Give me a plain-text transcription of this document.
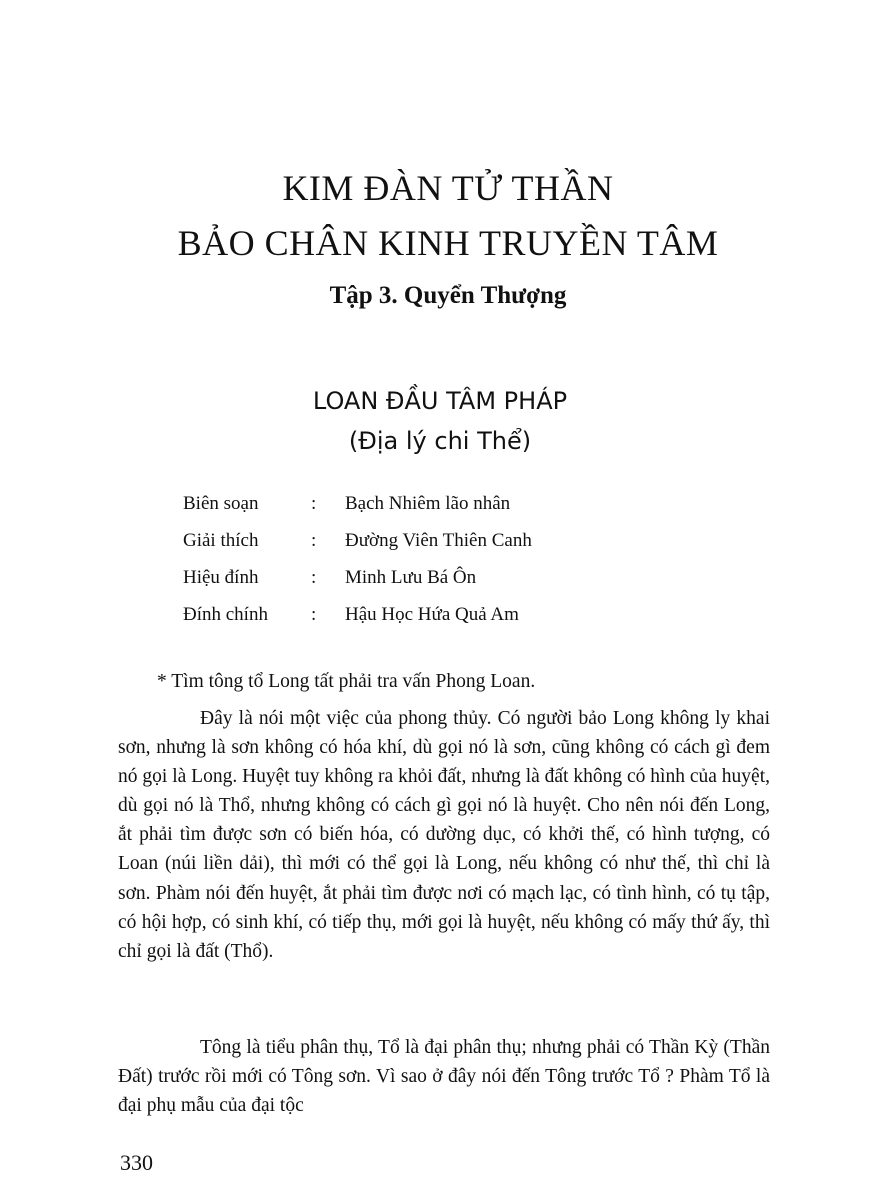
KIM ĐÀN TỬ THẦN
BẢO CHÂN KINH TRUYỀN TÂM
Tập 3. Quyển Thượng
LOAN ĐẦU TÂM PHÁP
(Địa lý chi Thể)
Biên soạn	: Bạch Nhiêm lão nhân
Giải thích	: Đường Viên Thiên Canh
Hiệu đính	: Minh Lưu Bá Ôn
Đính chính	: Hậu Học Hứa Quả Am

* Tìm tông tổ Long tất phải tra vấn Phong Loan.

Đây là nói một việc của phong thủy. Có người bảo Long không ly khai sơn, nhưng là sơn không có hóa khí, dù gọi nó là sơn, cũng không có cách gì đem nó gọi là Long. Huyệt tuy không ra khỏi đất, nhưng là đất không có hình của huyệt, dù gọi nó là Thổ, nhưng không có cách gì gọi nó là huyệt. Cho nên nói đến Long, ắt phải tìm được sơn có biến hóa, có dường dục, có khởi thế, có hình tượng, có Loan (núi liền dải), thì mới có thể gọi là Long, nếu không có như thế, thì chỉ là sơn. Phàm nói đến huyệt, ắt phải tìm được nơi có mạch lạc, có tình hình, có tụ tập, có hội hợp, có sinh khí, có tiếp thụ, mới gọi là huyệt, nếu không có mấy thứ ấy, thì chỉ gọi là đất (Thổ).

Tông là tiểu phân thụ, Tổ là đại phân thụ; nhưng phải có Thần Kỳ (Thần Đất) trước rồi mới có Tông sơn. Vì sao ở đây nói đến Tông trước Tổ ? Phàm Tổ là đại phụ mẫu của đại tộc

330
